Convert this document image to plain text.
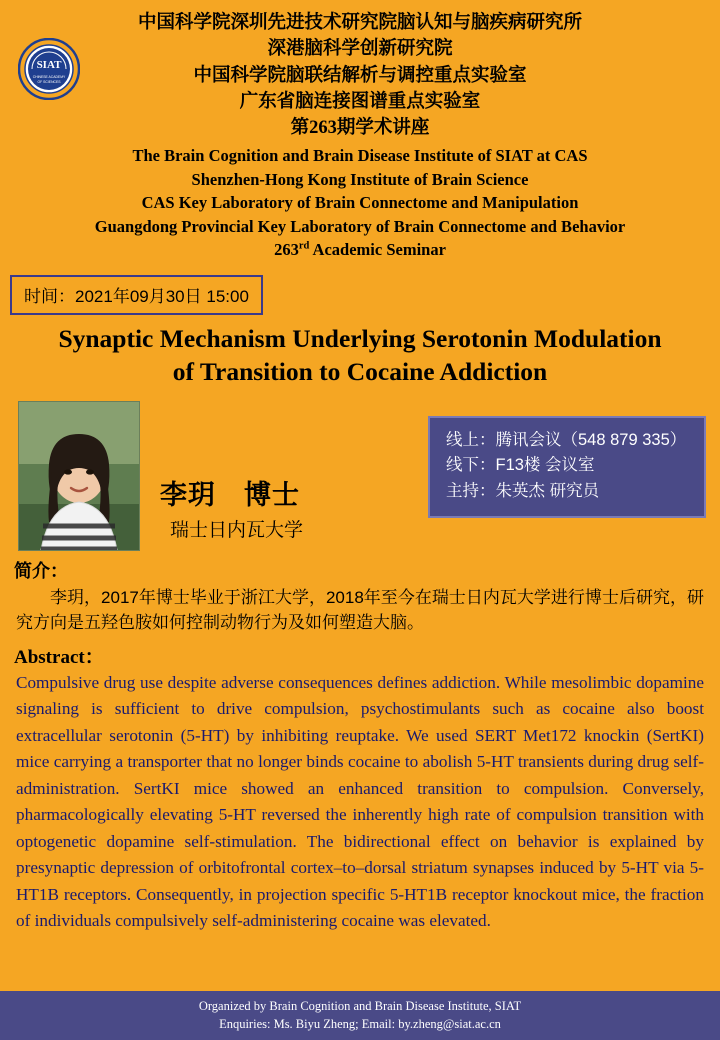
SIAT
CHINESE ACADEMY
OF SCIENCES
中国科学院深圳先进技术研究院脑认知与脑疾病研究所
深港脑科学创新研究院
中国科学院脑联结解析与调控重点实验室
广东省脑连接图谱重点实验室
第263期学术讲座
The Brain Cognition and Brain Disease Institute of SIAT at CAS
Shenzhen-Hong Kong Institute of Brain Science
CAS Key Laboratory of Brain Connectome and Manipulation
Guangdong Provincial Key Laboratory of Brain Connectome and Behavior
263rd Academic Seminar
时间：2021年09月30日 15:00
Synaptic Mechanism Underlying Serotonin Modulation
of Transition to Cocaine Addiction
李玥　博士
瑞士日内瓦大学
线上：腾讯会议（548 879 335）
线下：F13楼 会议室
主持：朱英杰 研究员
简介：
李玥，2017年博士毕业于浙江大学，2018年至今在瑞士日内瓦大学进行博士后研究，研究方向是五羟色胺如何控制动物行为及如何塑造大脑。
Abstract：
Compulsive drug use despite adverse consequences defines addiction. While mesolimbic dopamine signaling is sufficient to drive compulsion, psychostimulants such as cocaine also boost extracellular serotonin (5-HT) by inhibiting reuptake. We used SERT Met172 knockin (SertKI) mice carrying a transporter that no longer binds cocaine to abolish 5-HT transients during drug self-administration. SertKI mice showed an enhanced transition to compulsion. Conversely, pharmacologically elevating 5-HT reversed the inherently high rate of compulsion transition with optogenetic dopamine self-stimulation. The bidirectional effect on behavior is explained by presynaptic depression of orbitofrontal cortex–to–dorsal striatum synapses induced by 5-HT via 5-HT1B receptors. Consequently, in projection specific 5-HT1B receptor knockout mice, the fraction of individuals compulsively self-administering cocaine was elevated.
Organized by Brain Cognition and Brain Disease Institute, SIAT
Enquiries: Ms. Biyu Zheng; Email: by.zheng@siat.ac.cn
